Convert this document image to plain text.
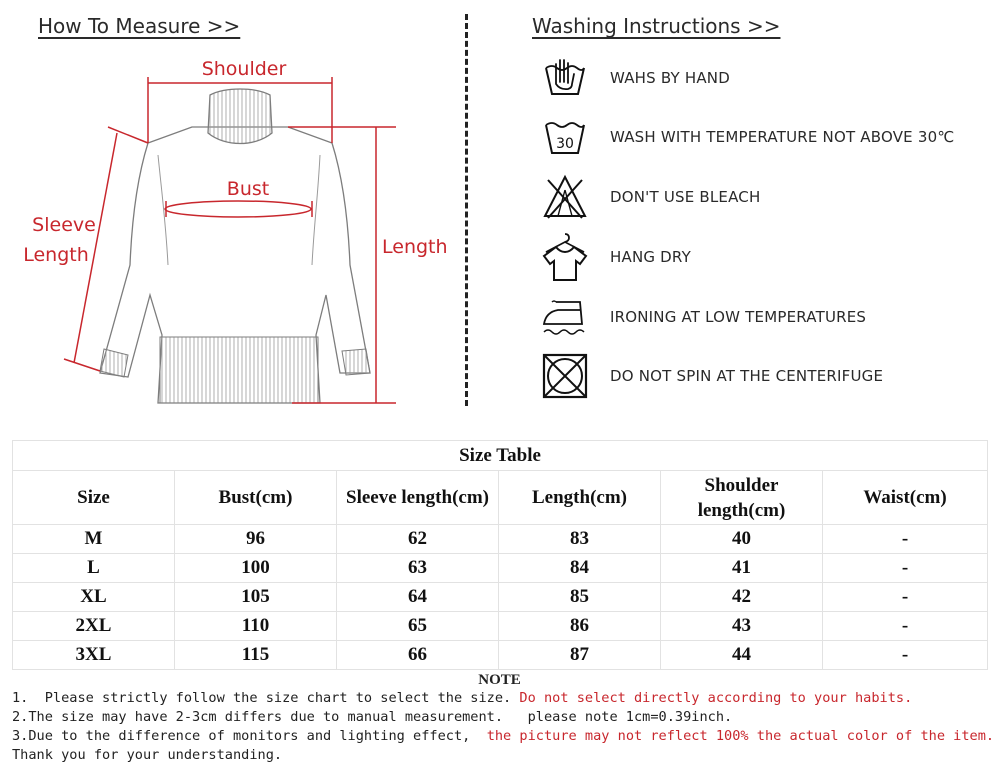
How To Measure >>	Washing Instructions >>
Shoulder
Bust
Length
Sleeve
Length
WAHS BY HAND
30 WASH WITH TEMPERATURE NOT ABOVE 30℃
DON'T USE BLEACH
HANG DRY
IRONING AT LOW TEMPERATURES
DO NOT SPIN AT THE CENTERIFUGE
Size Table					
Size	Bust(cm)	Sleeve length(cm)	Length(cm)	Shoulder length(cm)	Waist(cm)
M	96	62	83	40	-
L	100	63	84	41	-
XL	105	64	85	42	-
2XL	110	65	86	43	-
3XL	115	66	87	44	-
NOTE
1.  Please strictly follow the size chart to select the size. Do not select directly according to your habits.
2.The size may have 2-3cm differs due to manual measurement.   please note 1cm=0.39inch.
3.Due to the difference of monitors and lighting effect,  the picture may not reflect 100% the actual color of the item.
Thank you for your understanding.
